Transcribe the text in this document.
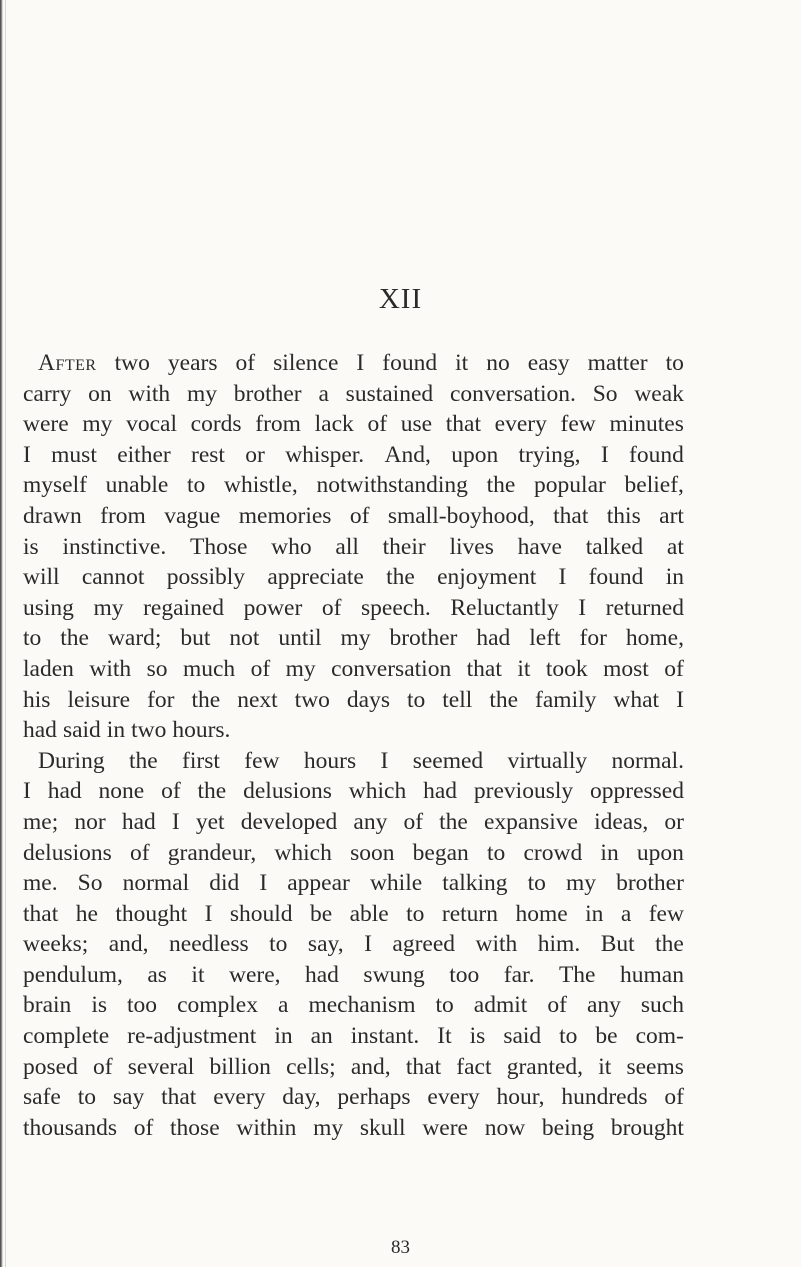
XII
After two years of silence I found it no easy matter to
carry on with my brother a sustained conversation. So weak
were my vocal cords from lack of use that every few minutes
I must either rest or whisper. And, upon trying, I found
myself unable to whistle, notwithstanding the popular belief,
drawn from vague memories of small-boyhood, that this art
is instinctive. Those who all their lives have talked at
will cannot possibly appreciate the enjoyment I found in
using my regained power of speech. Reluctantly I returned
to the ward; but not until my brother had left for home,
laden with so much of my conversation that it took most of
his leisure for the next two days to tell the family what I
had said in two hours.
During the first few hours I seemed virtually normal.
I had none of the delusions which had previously oppressed
me; nor had I yet developed any of the expansive ideas, or
delusions of grandeur, which soon began to crowd in upon
me. So normal did I appear while talking to my brother
that he thought I should be able to return home in a few
weeks; and, needless to say, I agreed with him. But the
pendulum, as it were, had swung too far. The human
brain is too complex a mechanism to admit of any such
complete re-adjustment in an instant. It is said to be com-
posed of several billion cells; and, that fact granted, it seems
safe to say that every day, perhaps every hour, hundreds of
thousands of those within my skull were now being brought
83
